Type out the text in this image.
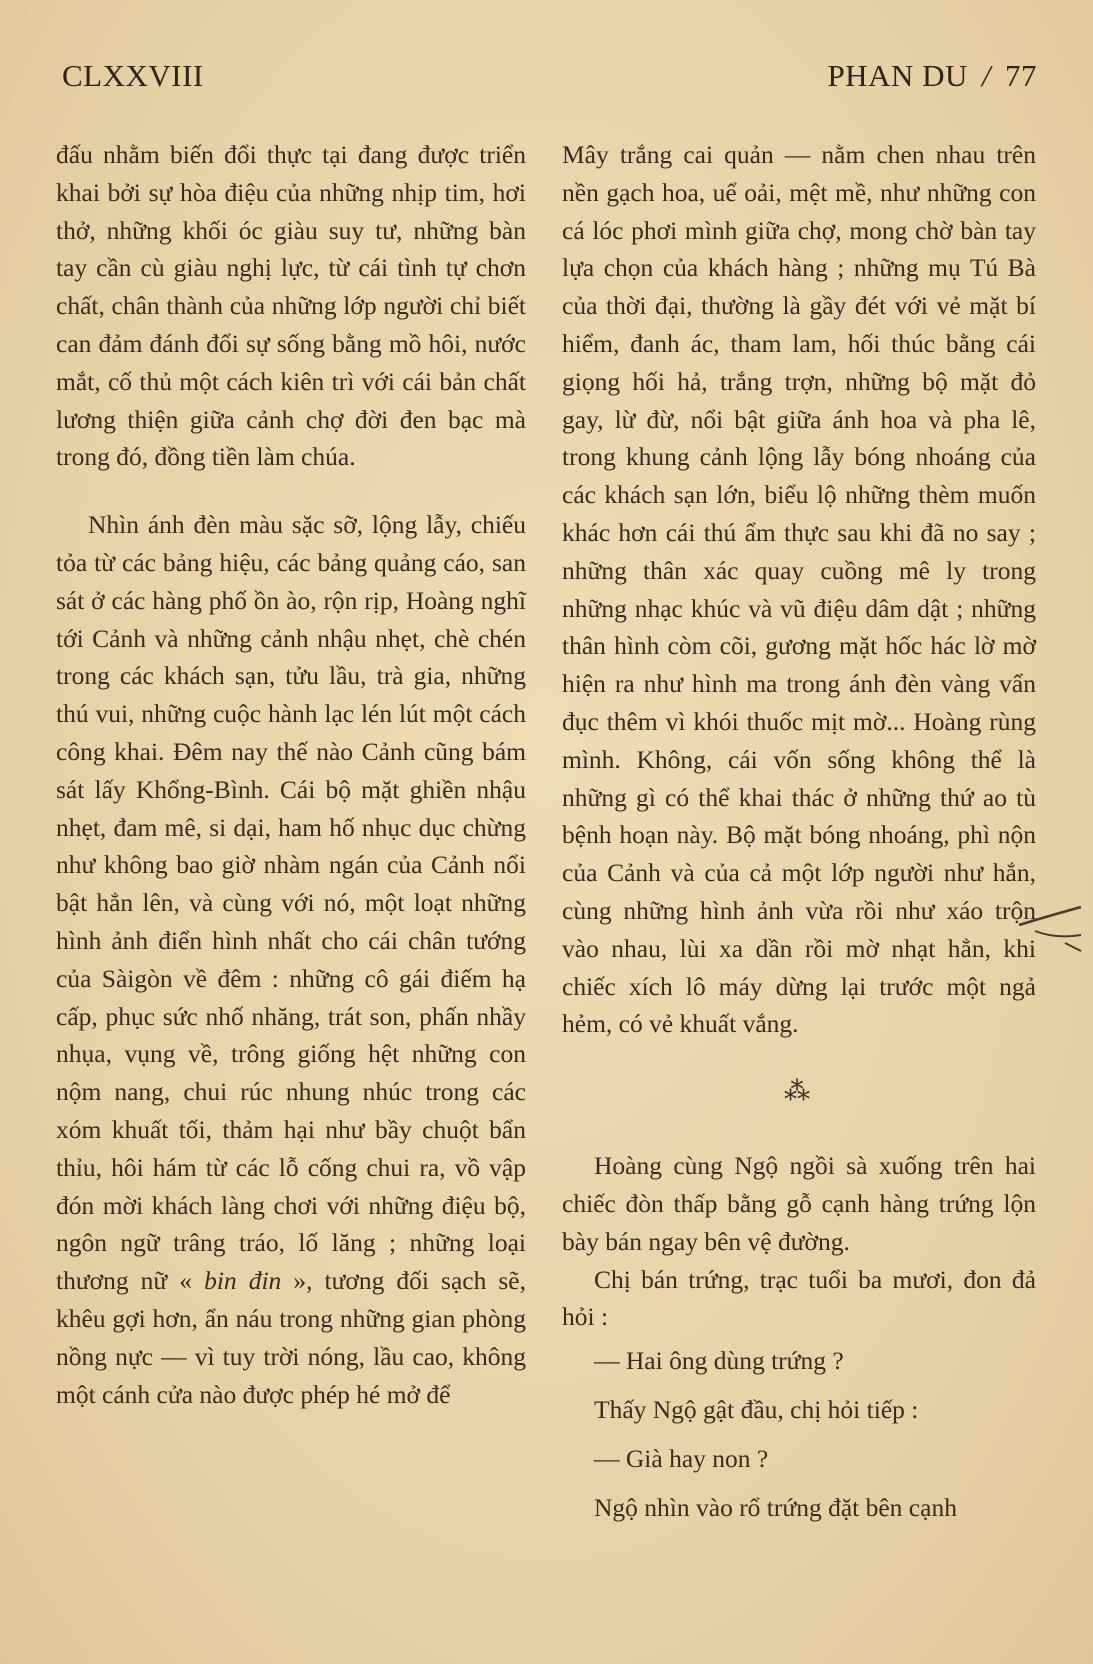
CLXXVIII	PHAN DU / 77

đấu nhằm biến đổi thực tại đang được triển khai bởi sự hòa điệu của những nhịp tim, hơi thở, những khối óc giàu suy tư, những bàn tay cần cù giàu nghị lực, từ cái tình tự chơn chất, chân thành của những lớp người chỉ biết can đảm đánh đổi sự sống bằng mồ hôi, nước mắt, cố thủ một cách kiên trì với cái bản chất lương thiện giữa cảnh chợ đời đen bạc mà trong đó, đồng tiền làm chúa.

Nhìn ánh đèn màu sặc sỡ, lộng lẫy, chiếu tỏa từ các bảng hiệu, các bảng quảng cáo, san sát ở các hàng phố ồn ào, rộn rịp, Hoàng nghĩ tới Cảnh và những cảnh nhậu nhẹt, chè chén trong các khách sạn, tửu lầu, trà gia, những thú vui, những cuộc hành lạc lén lút một cách công khai. Đêm nay thế nào Cảnh cũng bám sát lấy Khổng-Bình. Cái bộ mặt ghiền nhậu nhẹt, đam mê, si dại, ham hố nhục dục chừng như không bao giờ nhàm ngán của Cảnh nổi bật hẳn lên, và cùng với nó, một loạt những hình ảnh điển hình nhất cho cái chân tướng của Sàigòn về đêm : những cô gái điếm hạ cấp, phục sức nhố nhăng, trát son, phấn nhầy nhụa, vụng về, trông giống hệt những con nộm nang, chui rúc nhung nhúc trong các xóm khuất tối, thảm hại như bầy chuột bẩn thỉu, hôi hám từ các lỗ cống chui ra, vồ vập đón mời khách làng chơi với những điệu bộ, ngôn ngữ trâng tráo, lố lăng ; những loại thương nữ « bin đin », tương đối sạch sẽ, khêu gợi hơn, ẩn náu trong những gian phòng nồng nực — vì tuy trời nóng, lầu cao, không một cánh cửa nào được phép hé mở để

Mây trắng cai quản — nằm chen nhau trên nền gạch hoa, uể oải, mệt mề, như những con cá lóc phơi mình giữa chợ, mong chờ bàn tay lựa chọn của khách hàng ; những mụ Tú Bà của thời đại, thường là gầy đét với vẻ mặt bí hiểm, đanh ác, tham lam, hối thúc bằng cái giọng hối hả, trắng trợn, những bộ mặt đỏ gay, lừ đừ, nổi bật giữa ánh hoa và pha lê, trong khung cảnh lộng lẫy bóng nhoáng của các khách sạn lớn, biểu lộ những thèm muốn khác hơn cái thú ẩm thực sau khi đã no say ; những thân xác quay cuồng mê ly trong những nhạc khúc và vũ điệu dâm dật ; những thân hình còm cõi, gương mặt hốc hác lờ mờ hiện ra như hình ma trong ánh đèn vàng vẩn đục thêm vì khói thuốc mịt mờ... Hoàng rùng mình. Không, cái vốn sống không thể là những gì có thể khai thác ở những thứ ao tù bệnh hoạn này. Bộ mặt bóng nhoáng, phì nộn của Cảnh và của cả một lớp người như hắn, cùng những hình ảnh vừa rồi như xáo trộn vào nhau, lùi xa dần rồi mờ nhạt hẳn, khi chiếc xích lô máy dừng lại trước một ngả hẻm, có vẻ khuất vắng.

⁂

Hoàng cùng Ngộ ngồi sà xuống trên hai chiếc đòn thấp bằng gỗ cạnh hàng trứng lộn bày bán ngay bên vệ đường.

Chị bán trứng, trạc tuổi ba mươi, đon đả hỏi :

— Hai ông dùng trứng ?

Thấy Ngộ gật đầu, chị hỏi tiếp :

— Già hay non ?

Ngộ nhìn vào rổ trứng đặt bên cạnh
